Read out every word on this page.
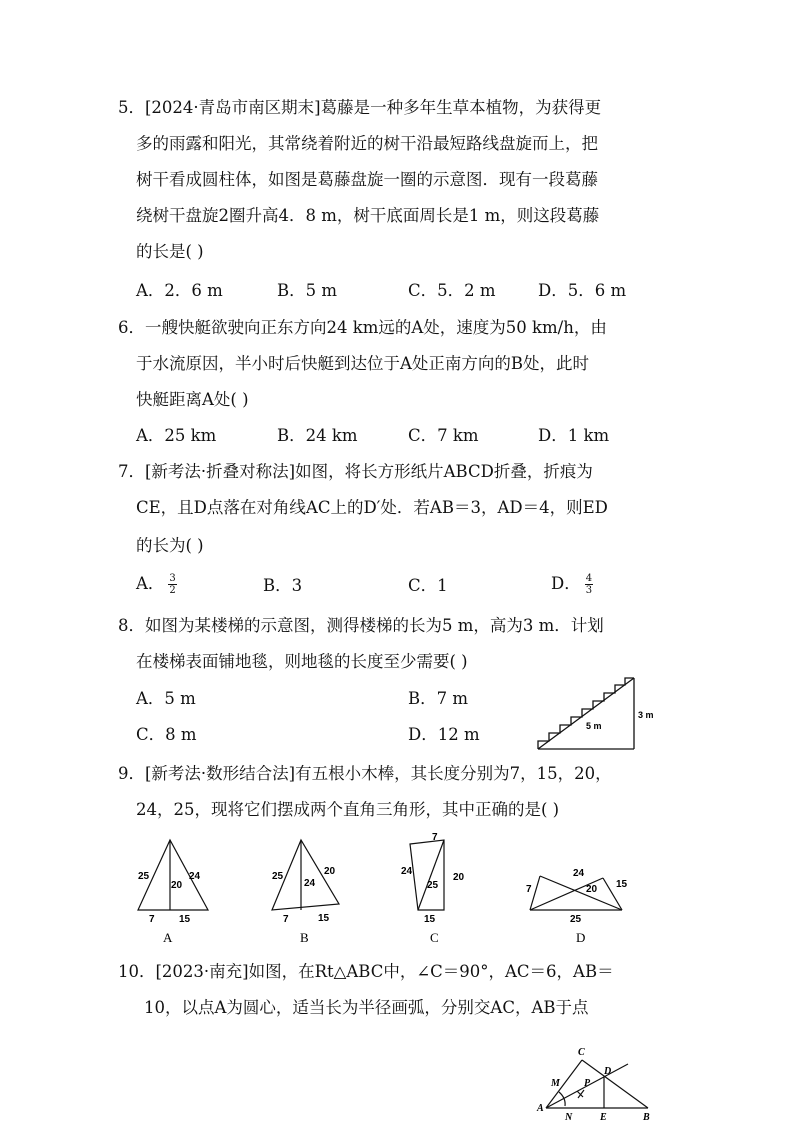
5．[2024·青岛市南区期末]葛藤是一种多年生草本植物，为获得更
多的雨露和阳光，其常绕着附近的树干沿最短路线盘旋而上，把
树干看成圆柱体，如图是葛藤盘旋一圈的示意图．现有一段葛藤
绕树干盘旋2圈升高4．8 m，树干底面周长是1 m，则这段葛藤
的长是( )
A．2．6 m	B．5 m	C．5．2 m	D．5．6 m
6．一艘快艇欲驶向正东方向24 km远的A处，速度为50 km/h，由
于水流原因，半小时后快艇到达位于A处正南方向的B处，此时
快艇距离A处( )
A．25 km	B．24 km	C．7 km	D．1 km
7．[新考法·折叠对称法]如图，将长方形纸片ABCD折叠，折痕为
CE，且D点落在对角线AC上的D′处．若AB＝3，AD＝4，则ED
的长为( )
A． $\frac{3}{2}$	B．3	C．1	D． $\frac{4}{3}$
8．如图为某楼梯的示意图，测得楼梯的长为5 m，高为3 m．计划
在楼梯表面铺地毯，则地毯的长度至少需要( )
A．5 m	B．7 m
C．8 m	D．12 m	5 m
3 m
9．[新考法·数形结合法]有五根小木棒，其长度分别为7，15，20，
24，25，现将它们摆成两个直角三角形，其中正确的是( )
25
20
24
7 15
A
25
24
20
7	15
B
7
24
25
20
15
C
24
7	20 15
25
D
10．[2023·南充]如图，在Rt△ABC中，∠C＝90°，AC＝6，AB＝
10，以点A为圆心，适当长为半径画弧，分别交AC，AB于点
C
D
M P
A
N	E	B
